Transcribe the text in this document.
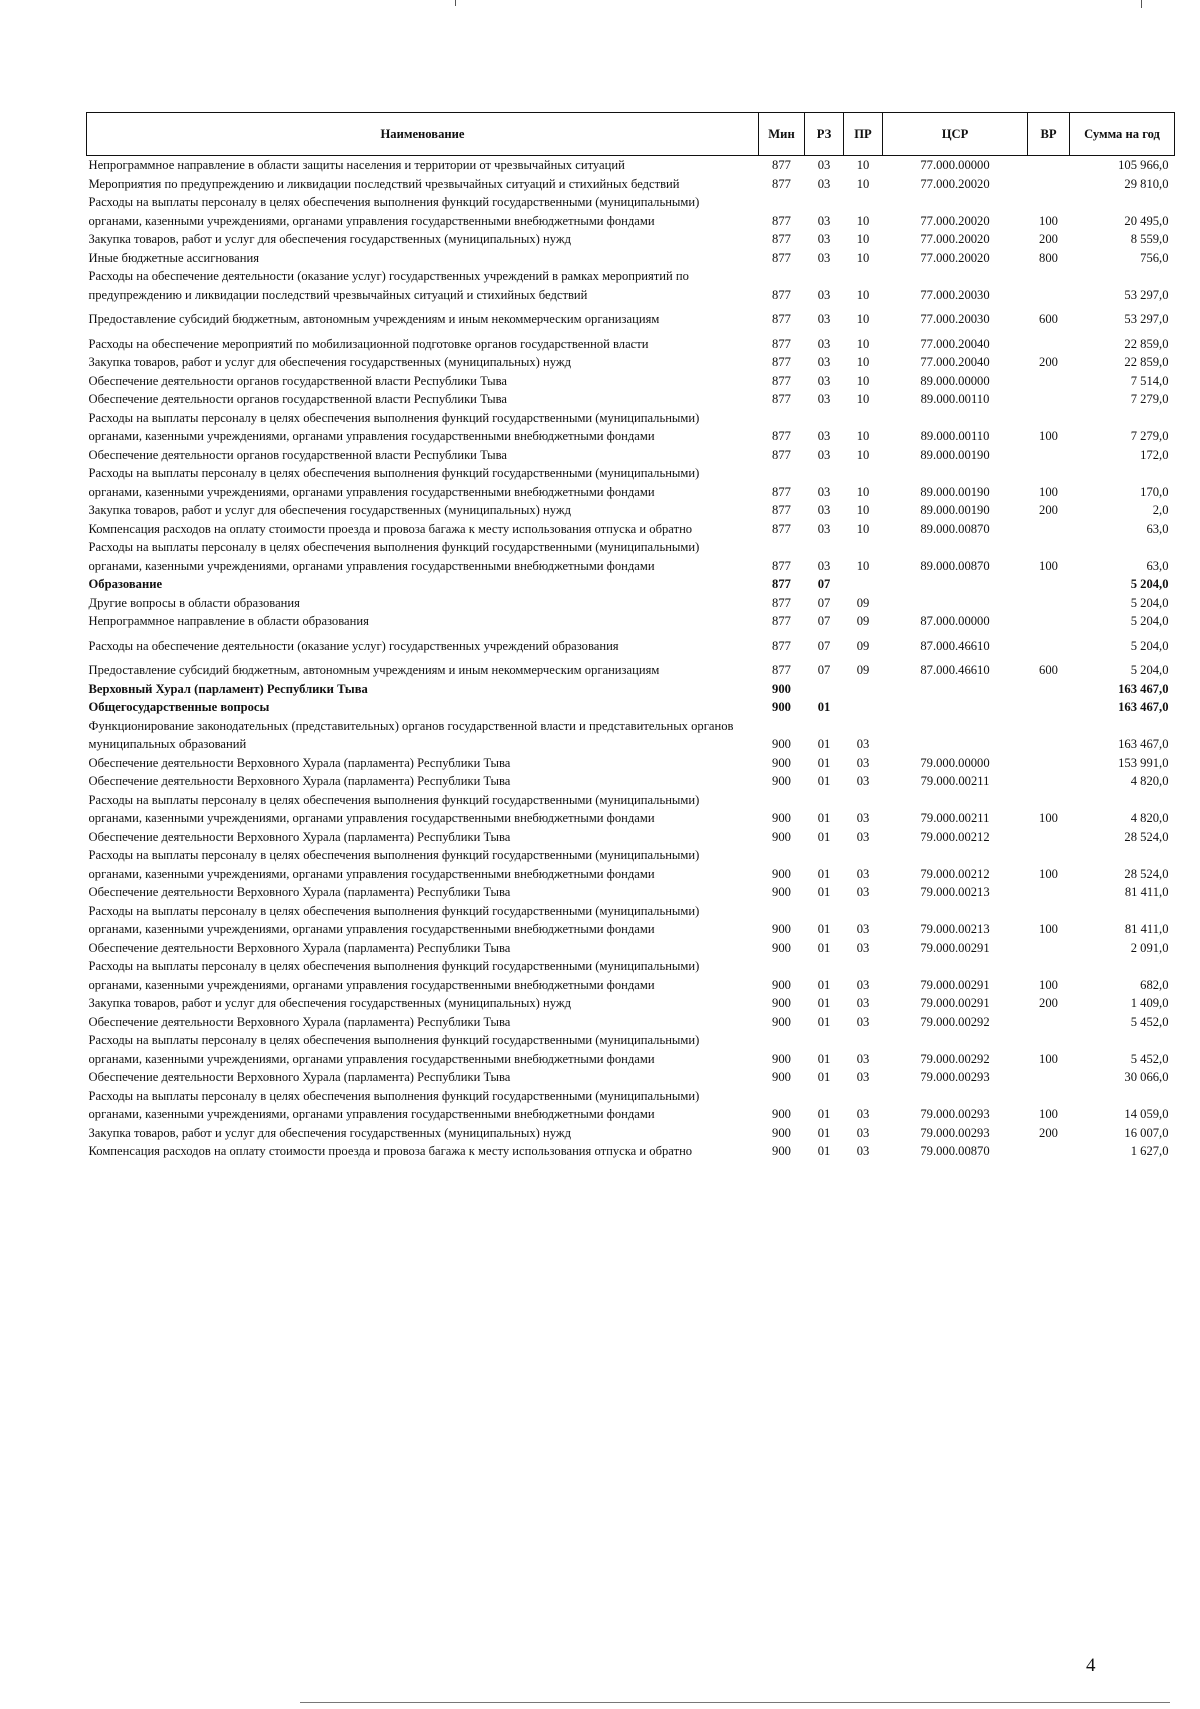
Наименование	Мин	РЗ	ПР	ЦСР	ВР	Сумма на год
Непрограммное направление в области защиты населения и территории от чрезвычайных ситуаций	877	03	10	77.000.00000		105 966,0
Мероприятия по предупреждению и ликвидации последствий чрезвычайных ситуаций и стихийных бедствий	877	03	10	77.000.20020		29 810,0
Расходы на выплаты персоналу в целях обеспечения выполнения функций государственными (муниципальными) органами, казенными учреждениями, органами управления государственными внебюджетными фондами	877	03	10	77.000.20020	100	20 495,0
Закупка товаров, работ и услуг для обеспечения государственных (муниципальных) нужд	877	03	10	77.000.20020	200	8 559,0
Иные бюджетные ассигнования	877	03	10	77.000.20020	800	756,0
Расходы на обеспечение деятельности (оказание услуг) государственных учреждений в рамках мероприятий по предупреждению и ликвидации последствий чрезвычайных ситуаций и стихийных бедствий	877	03	10	77.000.20030		53 297,0
Предоставление субсидий бюджетным, автономным учреждениям и иным некоммерческим организациям	877	03	10	77.000.20030	600	53 297,0
Расходы на обеспечение мероприятий по мобилизационной подготовке органов государственной власти	877	03	10	77.000.20040		22 859,0
Закупка товаров, работ и услуг для обеспечения государственных (муниципальных) нужд	877	03	10	77.000.20040	200	22 859,0
Обеспечение деятельности органов государственной власти Республики Тыва	877	03	10	89.000.00000		7 514,0
Обеспечение деятельности органов государственной власти Республики Тыва	877	03	10	89.000.00110		7 279,0
Расходы на выплаты персоналу в целях обеспечения выполнения функций государственными (муниципальными) органами, казенными учреждениями, органами управления государственными внебюджетными фондами	877	03	10	89.000.00110	100	7 279,0
Обеспечение деятельности органов государственной власти Республики Тыва	877	03	10	89.000.00190		172,0
Расходы на выплаты персоналу в целях обеспечения выполнения функций государственными (муниципальными) органами, казенными учреждениями, органами управления государственными внебюджетными фондами	877	03	10	89.000.00190	100	170,0
Закупка товаров, работ и услуг для обеспечения государственных (муниципальных) нужд	877	03	10	89.000.00190	200	2,0
Компенсация расходов на оплату стоимости проезда и провоза багажа к месту использования отпуска и обратно	877	03	10	89.000.00870		63,0
Расходы на выплаты персоналу в целях обеспечения выполнения функций государственными (муниципальными) органами, казенными учреждениями, органами управления государственными внебюджетными фондами	877	03	10	89.000.00870	100	63,0
Образование	877	07				5 204,0
Другие вопросы в области образования	877	07	09			5 204,0
Непрограммное направление в области образования	877	07	09	87.000.00000		5 204,0
Расходы на обеспечение деятельности (оказание услуг) государственных учреждений образования	877	07	09	87.000.46610		5 204,0
Предоставление субсидий бюджетным, автономным учреждениям и иным некоммерческим организациям	877	07	09	87.000.46610	600	5 204,0
Верховный Хурал (парламент) Республики Тыва	900					163 467,0
Общегосударственные вопросы	900	01				163 467,0
Функционирование законодательных (представительных) органов государственной власти и представительных органов муниципальных образований	900	01	03			163 467,0
Обеспечение деятельности Верховного Хурала (парламента) Республики Тыва	900	01	03	79.000.00000		153 991,0
Обеспечение деятельности Верховного Хурала (парламента) Республики Тыва	900	01	03	79.000.00211		4 820,0
Расходы на выплаты персоналу в целях обеспечения выполнения функций государственными (муниципальными) органами, казенными учреждениями, органами управления государственными внебюджетными фондами	900	01	03	79.000.00211	100	4 820,0
Обеспечение деятельности Верховного Хурала (парламента) Республики Тыва	900	01	03	79.000.00212		28 524,0
Расходы на выплаты персоналу в целях обеспечения выполнения функций государственными (муниципальными) органами, казенными учреждениями, органами управления государственными внебюджетными фондами	900	01	03	79.000.00212	100	28 524,0
Обеспечение деятельности Верховного Хурала (парламента) Республики Тыва	900	01	03	79.000.00213		81 411,0
Расходы на выплаты персоналу в целях обеспечения выполнения функций государственными (муниципальными) органами, казенными учреждениями, органами управления государственными внебюджетными фондами	900	01	03	79.000.00213	100	81 411,0
Обеспечение деятельности Верховного Хурала (парламента) Республики Тыва	900	01	03	79.000.00291		2 091,0
Расходы на выплаты персоналу в целях обеспечения выполнения функций государственными (муниципальными) органами, казенными учреждениями, органами управления государственными внебюджетными фондами	900	01	03	79.000.00291	100	682,0
Закупка товаров, работ и услуг для обеспечения государственных (муниципальных) нужд	900	01	03	79.000.00291	200	1 409,0
Обеспечение деятельности Верховного Хурала (парламента) Республики Тыва	900	01	03	79.000.00292		5 452,0
Расходы на выплаты персоналу в целях обеспечения выполнения функций государственными (муниципальными) органами, казенными учреждениями, органами управления государственными внебюджетными фондами	900	01	03	79.000.00292	100	5 452,0
Обеспечение деятельности Верховного Хурала (парламента) Республики Тыва	900	01	03	79.000.00293		30 066,0
Расходы на выплаты персоналу в целях обеспечения выполнения функций государственными (муниципальными) органами, казенными учреждениями, органами управления государственными внебюджетными фондами	900	01	03	79.000.00293	100	14 059,0
Закупка товаров, работ и услуг для обеспечения государственных (муниципальных) нужд	900	01	03	79.000.00293	200	16 007,0
Компенсация расходов на оплату стоимости проезда и провоза багажа к месту использования отпуска и обратно	900	01	03	79.000.00870		1 627,0
4
